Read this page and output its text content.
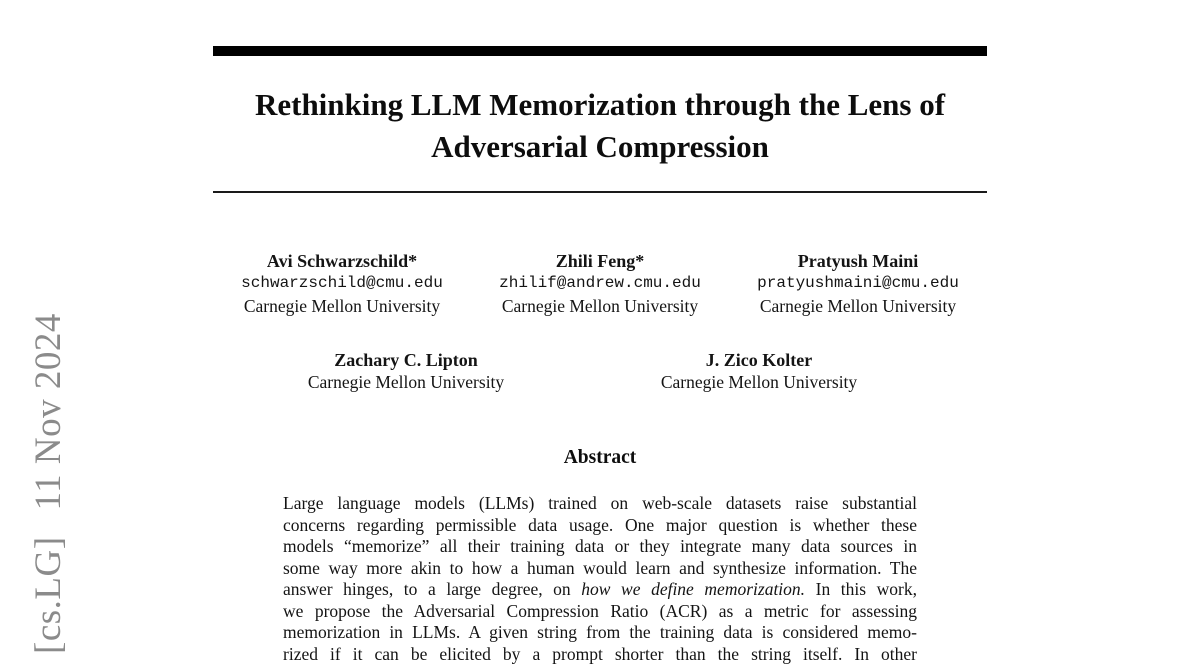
[cs.LG]11 Nov 2024
Rethinking LLM Memorization through the Lens of
Adversarial Compression
Avi Schwarzschild*
schwarzschild@cmu.edu
Carnegie Mellon University
Zhili Feng*
zhilif@andrew.cmu.edu
Carnegie Mellon University
Pratyush Maini
pratyushmaini@cmu.edu
Carnegie Mellon University
Zachary C. Lipton
Carnegie Mellon University
J. Zico Kolter
Carnegie Mellon University
Abstract
Large language models (LLMs) trained on web-scale datasets raise substantial
concerns regarding permissible data usage. One major question is whether these
models “memorize” all their training data or they integrate many data sources in
some way more akin to how a human would learn and synthesize information. The
answer hinges, to a large degree, on how we define memorization. In this work,
we propose the Adversarial Compression Ratio (ACR) as a metric for assessing
memorization in LLMs. A given string from the training data is considered memo-
rized if it can be elicited by a prompt shorter than the string itself. In other
